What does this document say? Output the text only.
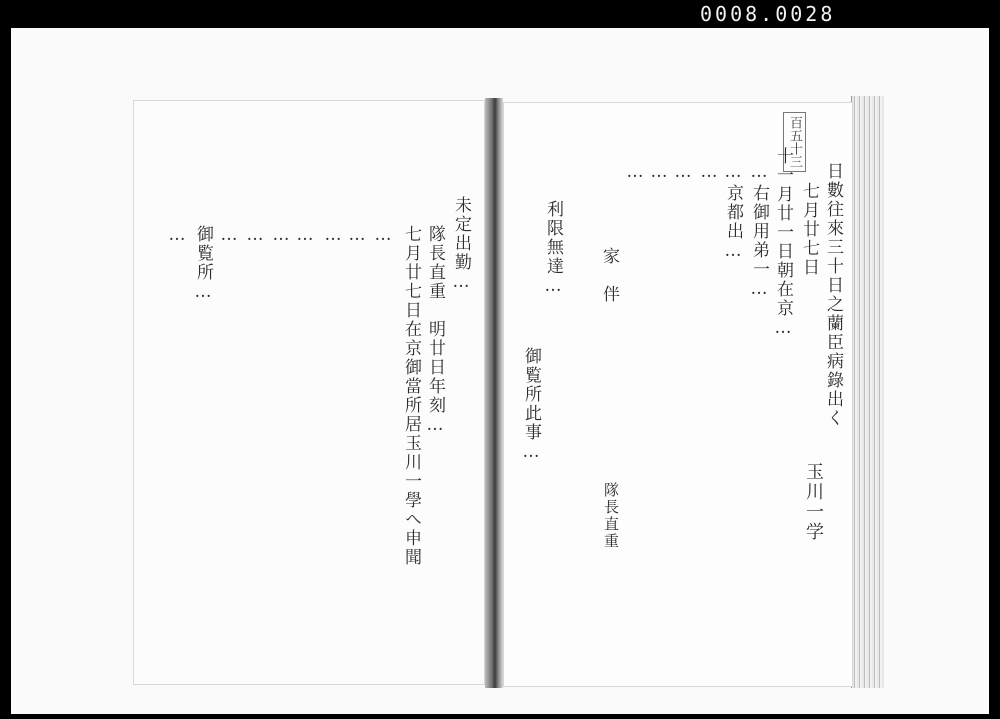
0008.0028
未定出勤…
隊長直重　明廿日年刻…
七月廿七日在京御當所居玉川一學へ申聞
…
…
…
…
…
…
…
御覧所…
…
百五十三
日數往來三十日之蘭臣病錄出く
七月廿七日
十一月廿一日朝在京…
…右御用弟一…
…京都出…
…
…
…
…
家　伴
利限無達…
御覧所此事…
玉川一学
隊長直重
